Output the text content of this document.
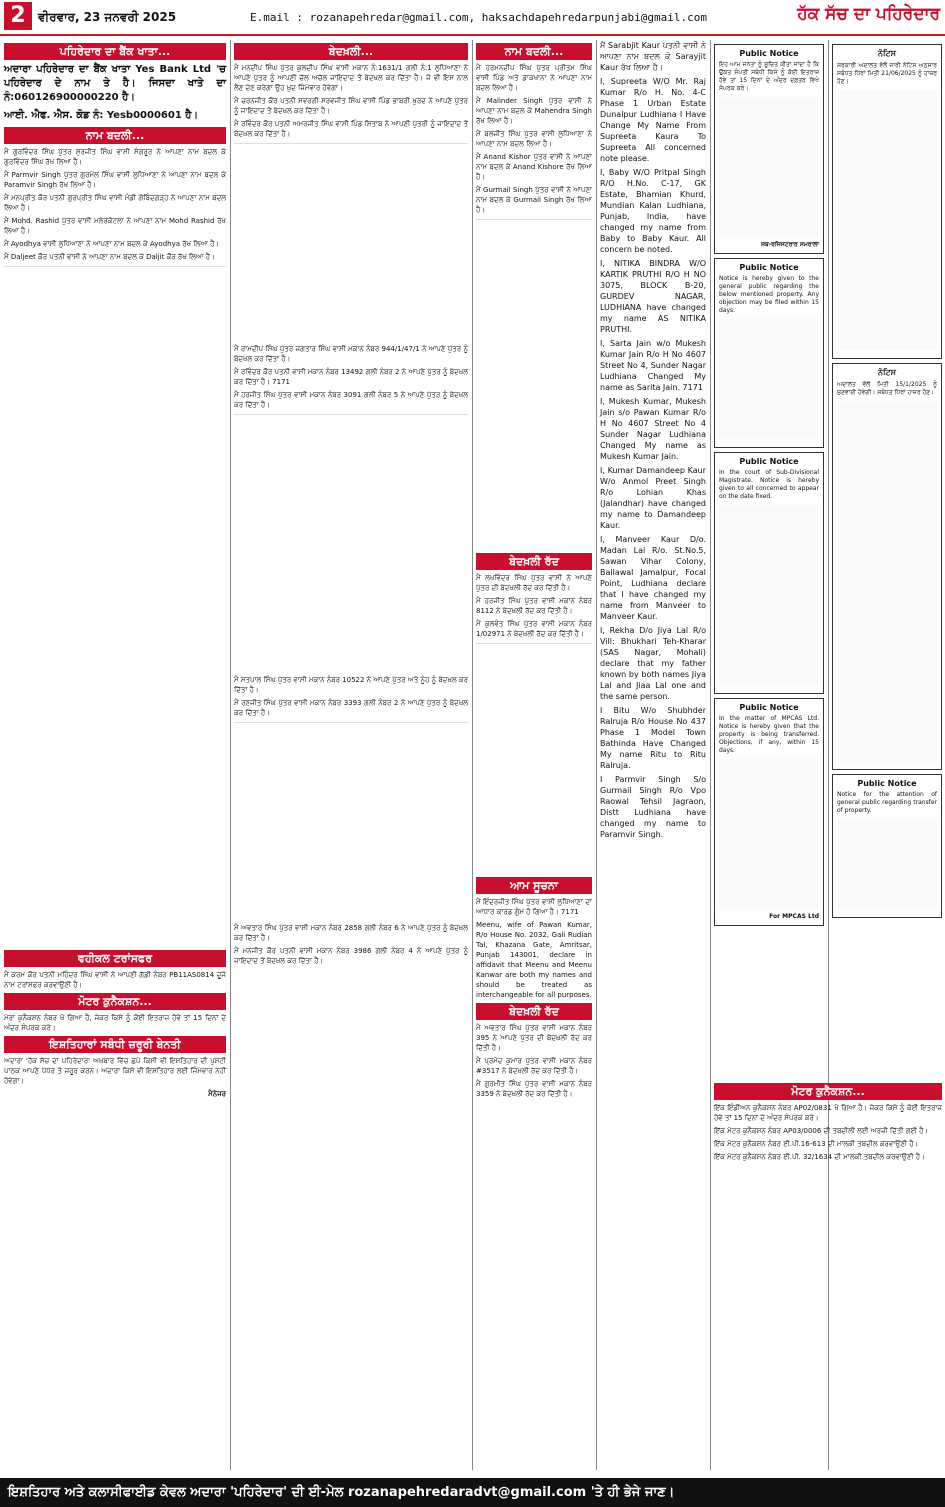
2	ਵੀਰਵਾਰ, 23 ਜਨਵਰੀ 2025	E.mail : rozanapehredar@gmail.com, haksachdapehredarpunjabi@gmail.com	ਹੱਕ ਸੱਚ ਦਾ ਪਹਿਰੇਦਾਰ
ਪਹਿਰੇਦਾਰ ਦਾ ਬੈਂਕ ਖਾਤਾ...
ਅਦਾਰਾ ਪਹਿਰੇਦਾਰ ਦਾ ਬੈਂਕ ਖਾਤਾ Yes Bank Ltd 'ਚ ਪਹਿਰੇਦਾਰ ਦੇ ਨਾਮ ਤੇ ਹੈ। ਜਿਸਦਾ ਖਾਤੇ ਦਾ ਨੰ:060126900000220 ਹੈ।
ਆਈ. ਐਫ. ਐਸ. ਕੋਡ ਨੰ: Yesb0000601 ਹੈ।
ਨਾਮ ਬਦਲੀ...

ਮੈਂ ਗੁਰਵਿੰਦਰ ਸਿੰਘ ਪੁੱਤਰ ਸੁਰਜੀਤ ਸਿੰਘ ਵਾਸੀ ਸੰਗਰੂਰ ਨੇ ਆਪਣਾ ਨਾਮ ਬਦਲ ਕੇ ਗੁਰਵਿੰਦਰ ਸਿੰਘ ਰੱਖ ਲਿਆ ਹੈ।

ਮੈਂ Parmvir Singh ਪੁੱਤਰ ਗੁਰਮੇਲ ਸਿੰਘ ਵਾਸੀ ਲੁਧਿਆਣਾ ਨੇ ਆਪਣਾ ਨਾਮ ਬਦਲ ਕੇ Paramvir Singh ਰੱਖ ਲਿਆ ਹੈ।

ਮੈਂ ਮਨਪ੍ਰੀਤ ਕੌਰ ਪਤਨੀ ਗੁਰਪ੍ਰੀਤ ਸਿੰਘ ਵਾਸੀ ਮੰਡੀ ਗੋਬਿੰਦਗੜ੍ਹ ਨੇ ਆਪਣਾ ਨਾਮ ਬਦਲ ਲਿਆ ਹੈ।

ਮੈਂ Mohd. Rashid ਪੁੱਤਰ ਵਾਸੀ ਮਲੇਰਕੋਟਲਾ ਨੇ ਆਪਣਾ ਨਾਮ Mohd Rashid ਰੱਖ ਲਿਆ ਹੈ।

ਮੈਂ Ayodhya ਵਾਸੀ ਲੁਧਿਆਣਾ ਨੇ ਆਪਣਾ ਨਾਮ ਬਦਲ ਕੇ Ayodhya ਰੱਖ ਲਿਆ ਹੈ।

ਮੈਂ Daljeet ਕੌਰ ਪਤਨੀ ਵਾਸੀ ਨੇ ਆਪਣਾ ਨਾਮ ਬਦਲ ਕੇ Daljit ਕੌਰ ਰੱਖ ਲਿਆ ਹੈ।

ਵਹੀਕਲ ਟਰਾਂਸਫਰ

ਮੈਂ ਕਰਮ ਕੌਰ ਪਤਨੀ ਮਹਿੰਦਰ ਸਿੰਘ ਵਾਸੀ ਨੇ ਆਪਣੀ ਗੱਡੀ ਨੰਬਰ PB11AS0814 ਦੂਜੇ ਨਾਮ ਟਰਾਂਸਫਰ ਕਰਵਾਉਣੀ ਹੈ।

ਮੋਟਰ ਕੁਨੈਕਸ਼ਨ...

ਮੇਰਾ ਕੁਨੈਕਸ਼ਨ ਨੰਬਰ ਖੋ ਗਿਆ ਹੈ, ਜੇਕਰ ਕਿਸੇ ਨੂੰ ਕੋਈ ਇਤਰਾਜ਼ ਹੋਵੇ ਤਾਂ 15 ਦਿਨਾਂ ਦੇ ਅੰਦਰ ਸੰਪਰਕ ਕਰੇ।

ਇਸ਼ਤਿਹਾਰਾਂ ਸਬੰਧੀ ਜ਼ਰੂਰੀ ਬੇਨਤੀ

ਅਦਾਰਾ 'ਹੱਕ ਸੱਚ ਦਾ ਪਹਿਰੇਦਾਰ' ਅਖ਼ਬਾਰ ਵਿੱਚ ਛਪੇ ਕਿਸੀ ਵੀ ਇਸ਼ਤਿਹਾਰ ਦੀ ਪੁਸ਼ਟੀ ਪਾਠਕ ਆਪਣੇ ਪੱਧਰ ਤੇ ਜ਼ਰੂਰ ਕਰਨ। ਅਦਾਰਾ ਕਿਸੇ ਵੀ ਇਸ਼ਤਿਹਾਰ ਲਈ ਜ਼ਿੰਮੇਵਾਰ ਨਹੀਂ ਹੋਵੇਗਾ।

ਮੈਨੇਜਰ
ਬੇਦਖ਼ਲੀ...

ਮੈਂ ਮਨਦੀਪ ਸਿੰਘ ਪੁੱਤਰ ਕੁਲਦੀਪ ਸਿੰਘ ਵਾਸੀ ਮਕਾਨ ਨੰ:1631/1 ਗਲੀ ਨੰ:1 ਲੁਧਿਆਣਾ ਨੇ ਆਪਣੇ ਪੁੱਤਰ ਨੂੰ ਆਪਣੀ ਚੱਲ ਅਚੱਲ ਜਾਇਦਾਦ ਤੋਂ ਬੇਦਖ਼ਲ ਕਰ ਦਿੱਤਾ ਹੈ। ਜੋ ਵੀ ਇਸ ਨਾਲ ਲੈਣ ਦੇਣ ਕਰੇਗਾ ਉਹ ਖ਼ੁਦ ਜ਼ਿੰਮੇਵਾਰ ਹੋਵੇਗਾ।

ਮੈਂ ਚਰਨਜੀਤ ਕੌਰ ਪਤਨੀ ਸਵਰਗੀ ਸਰਵਜੀਤ ਸਿੰਘ ਵਾਸੀ ਪਿੰਡ ਭਾਬਰੀ ਖੁਰਦ ਨੇ ਆਪਣੇ ਪੁੱਤਰ ਨੂੰ ਜਾਇਦਾਦ ਤੋਂ ਬੇਦਖ਼ਲ ਕਰ ਦਿੱਤਾ ਹੈ।

ਮੈਂ ਰਵਿੰਦਰ ਕੌਰ ਪਤਨੀ ਅਮਰਜੀਤ ਸਿੰਘ ਵਾਸੀ ਪਿੰਡ ਸ਼ਿਤਾਬ ਨੇ ਆਪਣੀ ਪੁੱਤਰੀ ਨੂੰ ਜਾਇਦਾਦ ਤੋਂ ਬੇਦਖ਼ਲ ਕਰ ਦਿੱਤਾ ਹੈ।

ਮੈਂ ਰਾਮਦੀਪ ਸਿੰਘ ਪੁੱਤਰ ਜਗਤਾਰ ਸਿੰਘ ਵਾਸੀ ਮਕਾਨ ਨੰਬਰ 944/1/47/1 ਨੇ ਆਪਣੇ ਪੁੱਤਰ ਨੂੰ ਬੇਦਖ਼ਲ ਕਰ ਦਿੱਤਾ ਹੈ।

ਮੈਂ ਰਵਿੰਦਰ ਕੌਰ ਪਤਨੀ ਵਾਸੀ ਮਕਾਨ ਨੰਬਰ 13492 ਗਲੀ ਨੰਬਰ 2 ਨੇ ਆਪਣੇ ਪੁੱਤਰ ਨੂੰ ਬੇਦਖ਼ਲ ਕਰ ਦਿੱਤਾ ਹੈ। 7171

ਮੈਂ ਹਰਜੀਤ ਸਿੰਘ ਪੁੱਤਰ ਵਾਸੀ ਮਕਾਨ ਨੰਬਰ 3091 ਗਲੀ ਨੰਬਰ 5 ਨੇ ਆਪਣੇ ਪੁੱਤਰ ਨੂੰ ਬੇਦਖ਼ਲ ਕਰ ਦਿੱਤਾ ਹੈ।

ਮੈਂ ਸਤਪਾਲ ਸਿੰਘ ਪੁੱਤਰ ਵਾਸੀ ਮਕਾਨ ਨੰਬਰ 10522 ਨੇ ਆਪਣੇ ਪੁੱਤਰ ਅਤੇ ਨੂੰਹ ਨੂੰ ਬੇਦਖ਼ਲ ਕਰ ਦਿੱਤਾ ਹੈ।

ਮੈਂ ਰਣਜੀਤ ਸਿੰਘ ਪੁੱਤਰ ਵਾਸੀ ਮਕਾਨ ਨੰਬਰ 3393 ਗਲੀ ਨੰਬਰ 2 ਨੇ ਆਪਣੇ ਪੁੱਤਰ ਨੂੰ ਬੇਦਖ਼ਲ ਕਰ ਦਿੱਤਾ ਹੈ।

ਮੈਂ ਅਵਤਾਰ ਸਿੰਘ ਪੁੱਤਰ ਵਾਸੀ ਮਕਾਨ ਨੰਬਰ 2858 ਗਲੀ ਨੰਬਰ 6 ਨੇ ਆਪਣੇ ਪੁੱਤਰ ਨੂੰ ਬੇਦਖ਼ਲ ਕਰ ਦਿੱਤਾ ਹੈ।

ਮੈਂ ਮਨਜੀਤ ਕੌਰ ਪਤਨੀ ਵਾਸੀ ਮਕਾਨ ਨੰਬਰ 3986 ਗਲੀ ਨੰਬਰ 4 ਨੇ ਆਪਣੇ ਪੁੱਤਰ ਨੂੰ ਜਾਇਦਾਦ ਤੋਂ ਬੇਦਖ਼ਲ ਕਰ ਦਿੱਤਾ ਹੈ।

ਨਾਮ ਬਦਲੀ...

ਮੈਂ ਹਰਮਨਦੀਪ ਸਿੰਘ ਪੁੱਤਰ ਪ੍ਰੀਤਮ ਸਿੰਘ ਵਾਸੀ ਪਿੰਡ ਅਤੇ ਡਾਕਖਾਨਾ ਨੇ ਆਪਣਾ ਨਾਮ ਬਦਲ ਲਿਆ ਹੈ।

ਮੈਂ Malinder Singh ਪੁੱਤਰ ਵਾਸੀ ਨੇ ਆਪਣਾ ਨਾਮ ਬਦਲ ਕੇ Mahendra Singh ਰੱਖ ਲਿਆ ਹੈ।

ਮੈਂ ਬਲਜੀਤ ਸਿੰਘ ਪੁੱਤਰ ਵਾਸੀ ਲੁਧਿਆਣਾ ਨੇ ਆਪਣਾ ਨਾਮ ਬਦਲ ਲਿਆ ਹੈ।

ਮੈਂ Anand Kishor ਪੁੱਤਰ ਵਾਸੀ ਨੇ ਆਪਣਾ ਨਾਮ ਬਦਲ ਕੇ Anand Kishore ਰੱਖ ਲਿਆ ਹੈ।

ਮੈਂ Gurmail Singh ਪੁੱਤਰ ਵਾਸੀ ਨੇ ਆਪਣਾ ਨਾਮ ਬਦਲ ਕੇ Gurmail Singh ਰੱਖ ਲਿਆ ਹੈ।

ਬੇਦਖ਼ਲੀ ਰੱਦ

ਮੈਂ ਲਖਵਿੰਦਰ ਸਿੰਘ ਪੁੱਤਰ ਵਾਸੀ ਨੇ ਆਪਣੇ ਪੁੱਤਰ ਦੀ ਬੇਦਖ਼ਲੀ ਰੱਦ ਕਰ ਦਿੱਤੀ ਹੈ।

ਮੈਂ ਹਰਜੀਤ ਸਿੰਘ ਪੁੱਤਰ ਵਾਸੀ ਮਕਾਨ ਨੰਬਰ 8112 ਨੇ ਬੇਦਖ਼ਲੀ ਰੱਦ ਕਰ ਦਿੱਤੀ ਹੈ।

ਮੈਂ ਕੁਲਵੰਤ ਸਿੰਘ ਪੁੱਤਰ ਵਾਸੀ ਮਕਾਨ ਨੰਬਰ 1/02971 ਨੇ ਬੇਦਖ਼ਲੀ ਰੱਦ ਕਰ ਦਿੱਤੀ ਹੈ।

ਆਮ ਸੂਚਨਾ

ਮੈਂ ਇੰਦਰਜੀਤ ਸਿੰਘ ਪੁੱਤਰ ਵਾਸੀ ਲੁਧਿਆਣਾ ਦਾ ਆਧਾਰ ਕਾਰਡ ਗੁੰਮ ਹੋ ਗਿਆ ਹੈ। 7171

Meenu, wife of Pawan Kumar, R/o House No. 2032, Gali Rudian Tal, Khazana Gate, Amritsar, Punjab 143001, declare in affidavit that Meenu and Meenu Kanwar are both my names and should be treated as interchangeable for all purposes.

ਬੇਦਖ਼ਲੀ ਰੱਦ

ਮੈਂ ਅਵਤਾਰ ਸਿੰਘ ਪੁੱਤਰ ਵਾਸੀ ਮਕਾਨ ਨੰਬਰ 395 ਨੇ ਆਪਣੇ ਪੁੱਤਰ ਦੀ ਬੇਦਖ਼ਲੀ ਰੱਦ ਕਰ ਦਿੱਤੀ ਹੈ।

ਮੈਂ ਪ੍ਰਮੋਦ ਕੁਮਾਰ ਪੁੱਤਰ ਵਾਸੀ ਮਕਾਨ ਨੰਬਰ #3517 ਨੇ ਬੇਦਖ਼ਲੀ ਰੱਦ ਕਰ ਦਿੱਤੀ ਹੈ।

ਮੈਂ ਗੁਰਮੀਤ ਸਿੰਘ ਪੁੱਤਰ ਵਾਸੀ ਮਕਾਨ ਨੰਬਰ 3359 ਨੇ ਬੇਦਖ਼ਲੀ ਰੱਦ ਕਰ ਦਿੱਤੀ ਹੈ।

ਮੈਂ Sarabjit Kaur ਪਤਨੀ ਵਾਸੀ ਨੇ ਆਪਣਾ ਨਾਮ ਬਦਲ ਕੇ Sarayjit Kaur ਰੱਖ ਲਿਆ ਹੈ।

I, Supreeta W/O Mr. Raj Kumar R/o H. No. 4-C Phase 1 Urban Estate Dunalpur Ludhiana I Have Change My Name From Supreeta Kaura To Supreeta All concerned note please.

I, Baby W/O Pritpal Singh R/O H.No. C-17, GK Estate, Bhamian Khurd, Mundian Kalan Ludhiana, Punjab, India, have changed my name from Baby to Baby Kaur. All concern be noted.

I, NITIKA BINDRA W/O KARTIK PRUTHI R/O H NO 3075, BLOCK B-20, GURDEV NAGAR, LUDHIANA have changed my name AS NITIKA PRUTHI.

I, Sarta Jain w/o Mukesh Kumar Jain R/o H No 4607 Street No 4, Sunder Nagar Ludhiana Changed My name as Sarita Jain. 7171

I, Mukesh Kumar, Mukesh Jain s/o Pawan Kumar R/o H No 4607 Street No 4 Sunder Nagar Ludhiana Changed My name as Mukesh Kumar Jain.

I, Kumar Damandeep Kaur W/o Anmol Preet Singh R/o Lohian Khas (Jalandhar) have changed my name to Damandeep Kaur.

I, Manveer Kaur D/o. Madan Lal R/o. St.No.5, Sawan Vihar Colony, Ballawal Jamalpur, Focal Point, Ludhiana declare that I have changed my name from Manveer to Manveer Kaur.

I, Rekha D/o Jiya Lal R/o Vill: Bhukhari Teh-Kharar (SAS Nagar, Mohali) declare that my father known by both names Jiya Lal and Jiaa Lal one and the same person.

I Bitu W/o Shubhder Ralruja R/o House No 437 Phase 1 Model Town Bathinda Have Changed My name Ritu to Ritu Ralruja.

I Parmvir Singh S/o Gurmail Singh R/o Vpo Raowal Tehsil Jagraon, Distt Ludhiana have changed my name to Paramvir Singh.

Public Notice
ਇਹ ਆਮ ਜਨਤਾ ਨੂੰ ਸੂਚਿਤ ਕੀਤਾ ਜਾਂਦਾ ਹੈ ਕਿ ਉਕਤ ਸੰਪਤੀ ਸਬੰਧੀ ਕਿਸੇ ਨੂੰ ਕੋਈ ਇਤਰਾਜ਼ ਹੋਵੇ ਤਾਂ 15 ਦਿਨਾਂ ਦੇ ਅੰਦਰ ਦਫ਼ਤਰ ਵਿਖੇ ਸੰਪਰਕ ਕਰੇ।
ਸਬ-ਰਜਿਸਟਰਾਰ ਸਮਰਾਲਾ
Public Notice
Notice is hereby given to the general public regarding the below mentioned property. Any objection may be filed within 15 days.
Public Notice
In the court of Sub-Divisional Magistrate. Notice is hereby given to all concerned to appear on the date fixed.
Public Notice
In the matter of MPCAS Ltd. Notice is hereby given that the property is being transferred. Objections, if any, within 15 days.
For MPCAS Ltd
ਨੋਟਿਸ
ਸਰਕਾਰੀ ਅਦਾਲਤ ਵੱਲੋਂ ਜਾਰੀ ਨੋਟਿਸ ਅਨੁਸਾਰ ਸਬੰਧਤ ਧਿਰਾਂ ਮਿਤੀ 21/06/2025 ਨੂੰ ਹਾਜ਼ਰ ਹੋਣ।
ਨੋਟਿਸ
ਅਦਾਲਤ ਵੱਲੋਂ ਮਿਤੀ 15/1/2025 ਨੂੰ ਸੁਣਵਾਈ ਹੋਵੇਗੀ। ਸਬੰਧਤ ਧਿਰਾਂ ਹਾਜ਼ਰ ਹੋਣ।
Public Notice
Notice for the attention of general public regarding transfer of property.
ਮੋਟਰ ਕੁਨੈਕਸ਼ਨ...

ਇੱਕ ਇੰਡੀਅਨ ਕੁਨੈਕਸ਼ਨ ਨੰਬਰ AP02/0831 ਖੋ ਗਿਆ ਹੈ। ਜੇਕਰ ਕਿਸੇ ਨੂੰ ਕੋਈ ਇਤਰਾਜ਼ ਹੋਵੇ ਤਾਂ 15 ਦਿਨਾਂ ਦੇ ਅੰਦਰ ਸੰਪਰਕ ਕਰੇ।

ਇੱਕ ਮੋਟਰ ਕੁਨੈਕਸ਼ਨ ਨੰਬਰ AP03/0006 ਦੀ ਤਬਦੀਲੀ ਲਈ ਅਰਜ਼ੀ ਦਿੱਤੀ ਗਈ ਹੈ।

ਇੱਕ ਮੋਟਰ ਕੁਨੈਕਸ਼ਨ ਨੰਬਰ ਈ.ਪੀ.16-613 ਦੀ ਮਾਲਕੀ ਤਬਦੀਲ ਕਰਵਾਉਣੀ ਹੈ।

ਇੱਕ ਮੋਟਰ ਕੁਨੈਕਸ਼ਨ ਨੰਬਰ ਈ.ਪੀ. 32/1634 ਦੀ ਮਾਲਕੀ ਤਬਦੀਲ ਕਰਵਾਉਣੀ ਹੈ।

ਇਸ਼ਤਿਹਾਰ ਅਤੇ ਕਲਾਸੀਫਾਈਡ ਕੇਵਲ ਅਦਾਰਾ 'ਪਹਿਰੇਦਾਰ' ਦੀ ਈ-ਮੇਲ rozanapehredaradvt@gmail.com 'ਤੇ ਹੀ ਭੇਜੇ ਜਾਣ।
